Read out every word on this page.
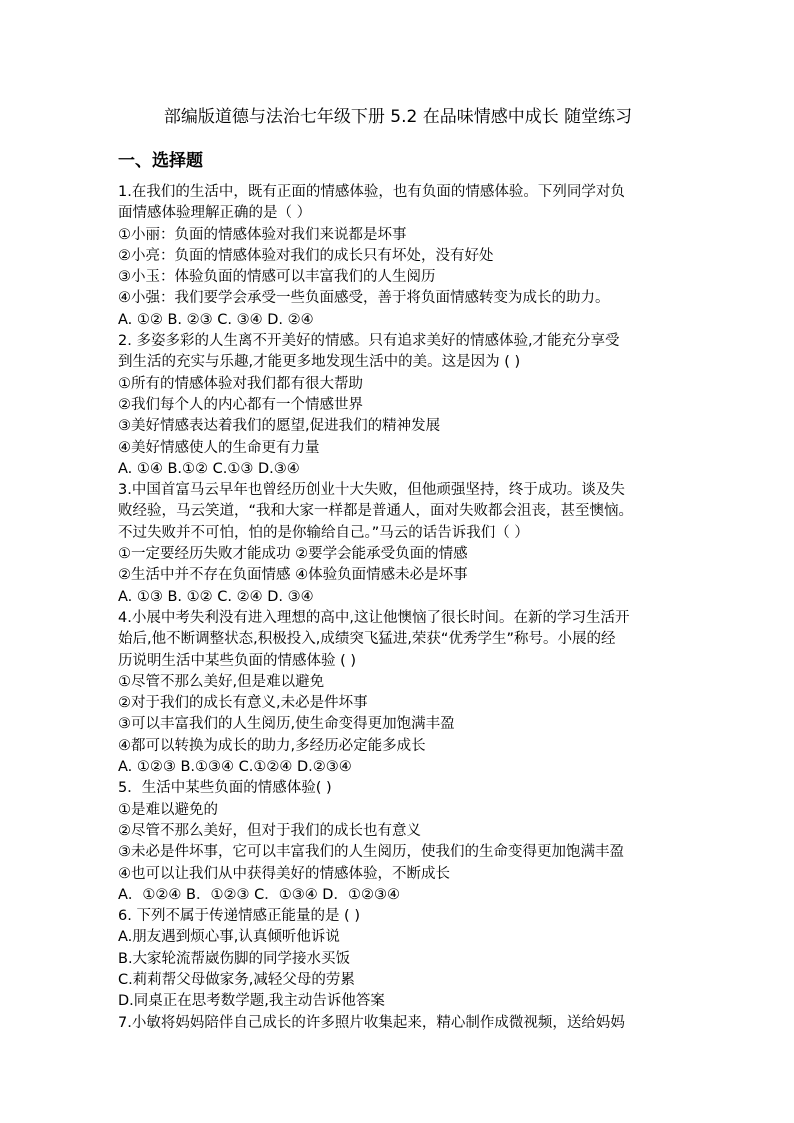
部编版道德与法治七年级下册 5.2 在品味情感中成长 随堂练习
一、选择题
1.在我们的生活中，既有正面的情感体验，也有负面的情感体验。下列同学对负
面情感体验理解正确的是（ ）
①小丽：负面的情感体验对我们来说都是坏事
②小亮：负面的情感体验对我们的成长只有坏处，没有好处
③小玉：体验负面的情感可以丰富我们的人生阅历
④小强：我们要学会承受一些负面感受，善于将负面情感转变为成长的助力。
A. ①② B. ②③ C. ③④ D. ②④
2. 多姿多彩的人生离不开美好的情感。只有追求美好的情感体验,才能充分享受
到生活的充实与乐趣,才能更多地发现生活中的美。这是因为 ( )
①所有的情感体验对我们都有很大帮助
②我们每个人的内心都有一个情感世界
③美好情感表达着我们的愿望,促进我们的精神发展
④美好情感使人的生命更有力量
A. ①④ B.①② C.①③ D.③④
3.中国首富马云早年也曾经历创业十大失败，但他顽强坚持，终于成功。谈及失
败经验，马云笑道，“我和大家一样都是普通人，面对失败都会沮丧，甚至懊恼。
不过失败并不可怕，怕的是你输给自己。”马云的话告诉我们（ ）
①一定要经历失败才能成功 ②要学会能承受负面的情感
②生活中并不存在负面情感 ④体验负面情感未必是坏事
A. ①③ B. ①② C. ②④ D. ③④
4.小展中考失利没有进入理想的高中,这让他懊恼了很长时间。在新的学习生活开
始后,他不断调整状态,积极投入,成绩突飞猛进,荣获“优秀学生”称号。小展的经
历说明生活中某些负面的情感体验 ( )
①尽管不那么美好,但是难以避免
②对于我们的成长有意义,未必是件坏事
③可以丰富我们的人生阅历,使生命变得更加饱满丰盈
④都可以转换为成长的助力,多经历必定能多成长
A. ①②③ B.①③④ C.①②④ D.②③④
5．生活中某些负面的情感体验( )
①是难以避免的
②尽管不那么美好，但对于我们的成长也有意义
③未必是件坏事，它可以丰富我们的人生阅历，使我们的生命变得更加饱满丰盈
④也可以让我们从中获得美好的情感体验，不断成长
A．①②④ B．①②③ C．①③④ D．①②③④
6. 下列不属于传递情感正能量的是 ( )
A.朋友遇到烦心事,认真倾听他诉说
B.大家轮流帮崴伤脚的同学接水买饭
C.莉莉帮父母做家务,减轻父母的劳累
D.同桌正在思考数学题,我主动告诉他答案
7.小敏将妈妈陪伴自己成长的许多照片收集起来，精心制作成微视频，送给妈妈
